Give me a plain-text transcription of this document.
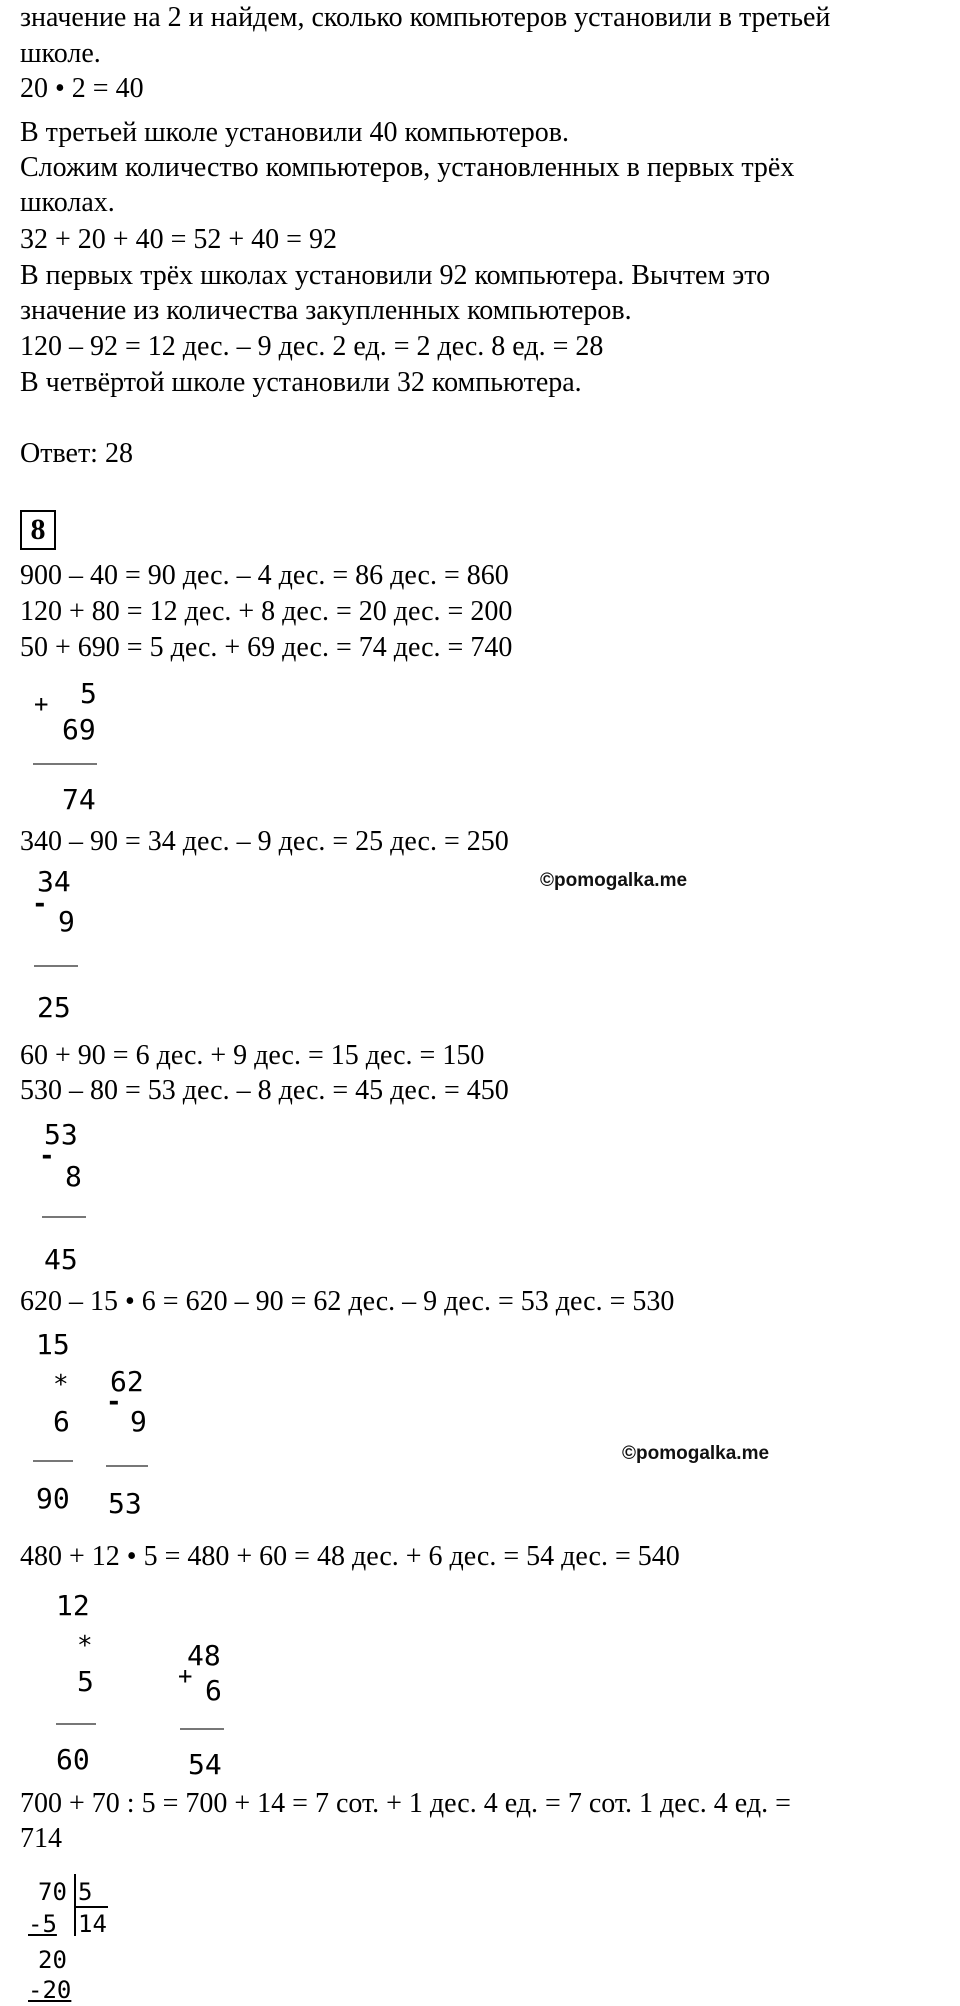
значение на 2 и найдем, сколько компьютеров установили в третьей
школе.
20 • 2 = 40
В третьей школе установили 40 компьютеров.
Сложим количество компьютеров, установленных в первых трёх
школах.
32 + 20 + 40 = 52 + 40 = 92
В первых трёх школах установили 92 компьютера. Вычтем это
значение из количества закупленных компьютеров.
120 – 92 = 12 дес. – 9 дес. 2 ед. = 2 дес. 8 ед. = 28
В четвёртой школе установили 32 компьютера.
Ответ: 28
8
900 – 40 = 90 дес. – 4 дес. = 86 дес. = 860
120 + 80 = 12 дес. + 8 дес. = 20 дес. = 200
50 + 690 = 5 дес. + 69 дес. = 74 дес. = 740
+ 5
69
74
340 – 90 = 34 дес. – 9 дес. = 25 дес. = 250
34
-
9
25
©pomogalka.me
60 + 90 = 6 дес. + 9 дес. = 15 дес. = 150
530 – 80 = 53 дес. – 8 дес. = 45 дес. = 450
53
-
8
45
620 – 15 • 6 = 620 – 90 = 62 дес. – 9 дес. = 53 дес. = 530
15
*
6
90
62
-
9
53
©pomogalka.me
480 + 12 • 5 = 480 + 60 = 48 дес. + 6 дес. = 54 дес. = 540
12
*
5
60
48
+ 6
54
700 + 70 : 5 = 700 + 14 = 7 сот. + 1 дес. 4 ед. = 7 сот. 1 дес. 4 ед. =
714
70 5
-5 14
20
-20
